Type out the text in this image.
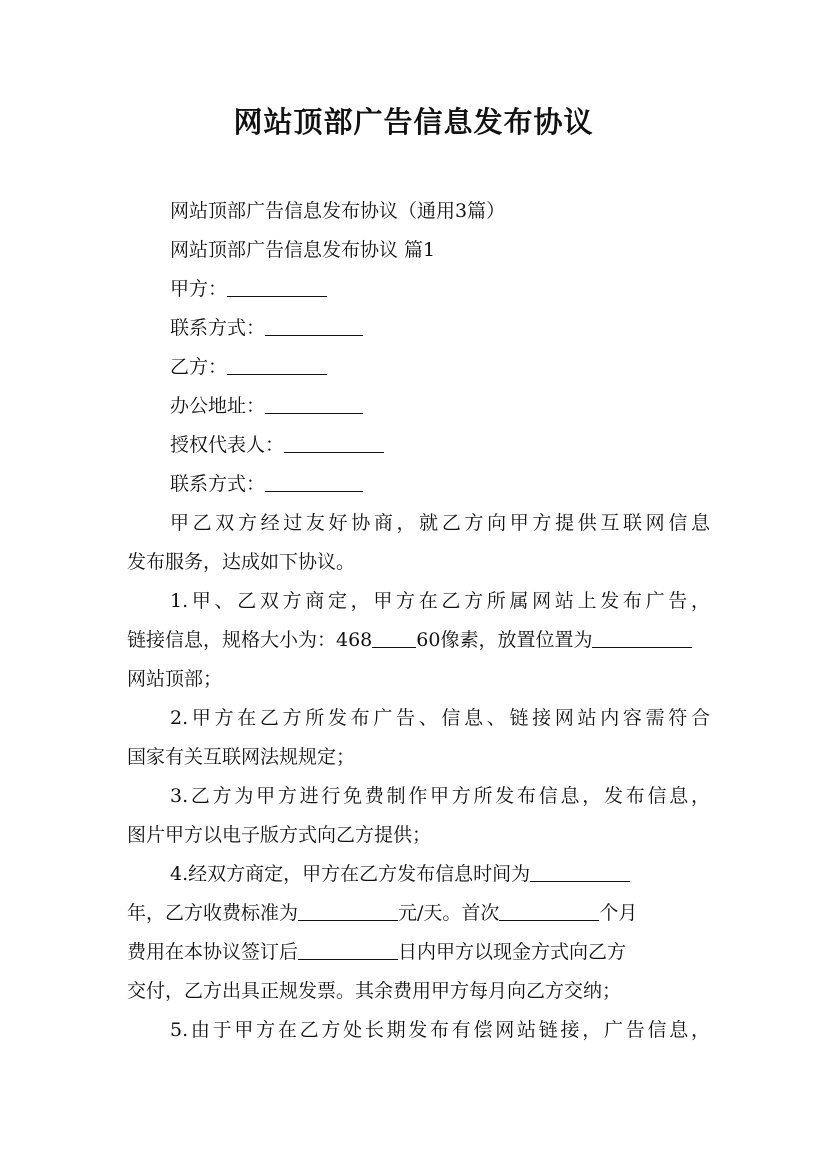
网站顶部广告信息发布协议
网站顶部广告信息发布协议（通用3篇）
网站顶部广告信息发布协议 篇1
甲方：
联系方式：
乙方：
办公地址：
授权代表人：
联系方式：
甲乙双方经过友好协商，就乙方向甲方提供互联网信息
发布服务，达成如下协议。
1.甲、乙双方商定，甲方在乙方所属网站上发布广告，
链接信息，规格大小为：468 60像素，放置位置为
网站顶部；
2.甲方在乙方所发布广告、信息、链接网站内容需符合
国家有关互联网法规规定；
3.乙方为甲方进行免费制作甲方所发布信息，发布信息，
图片甲方以电子版方式向乙方提供；
4.经双方商定，甲方在乙方发布信息时间为
年，乙方收费标准为	元/天。首次	个月
费用在本协议签订后	日内甲方以现金方式向乙方
交付，乙方出具正规发票。其余费用甲方每月向乙方交纳；
5.由于甲方在乙方处长期发布有偿网站链接，广告信息，
